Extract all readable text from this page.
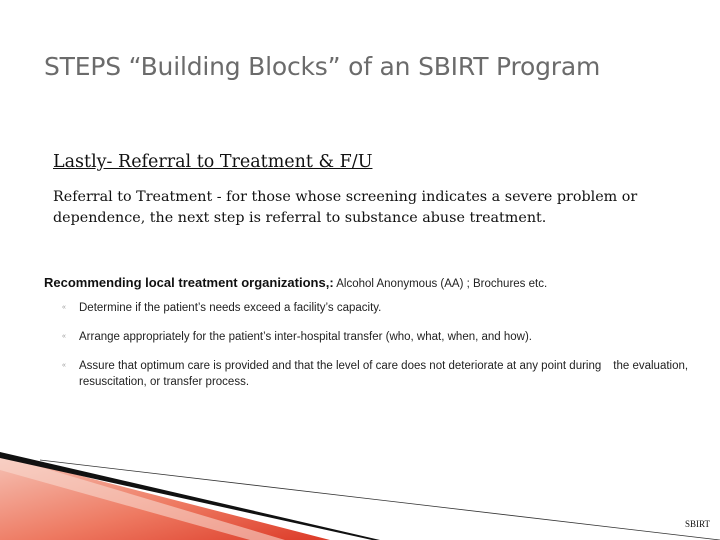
STEPS “Building Blocks” of an SBIRT Program
Lastly- Referral to Treatment & F/U
Referral to Treatment - for those whose screening indicates a severe problem or dependence, the next step is referral to substance abuse treatment.
Recommending local treatment organizations,: Alcohol Anonymous (AA) ; Brochures etc.
« Determine if the patient’s needs exceed a facility’s capacity.
« Arrange appropriately for the patient’s inter-hospital transfer (who, what, when, and how).
« Assure that optimum care is provided and that the level of care does not deteriorate at any point during the evaluation, resuscitation, or transfer process.
SBIRT
